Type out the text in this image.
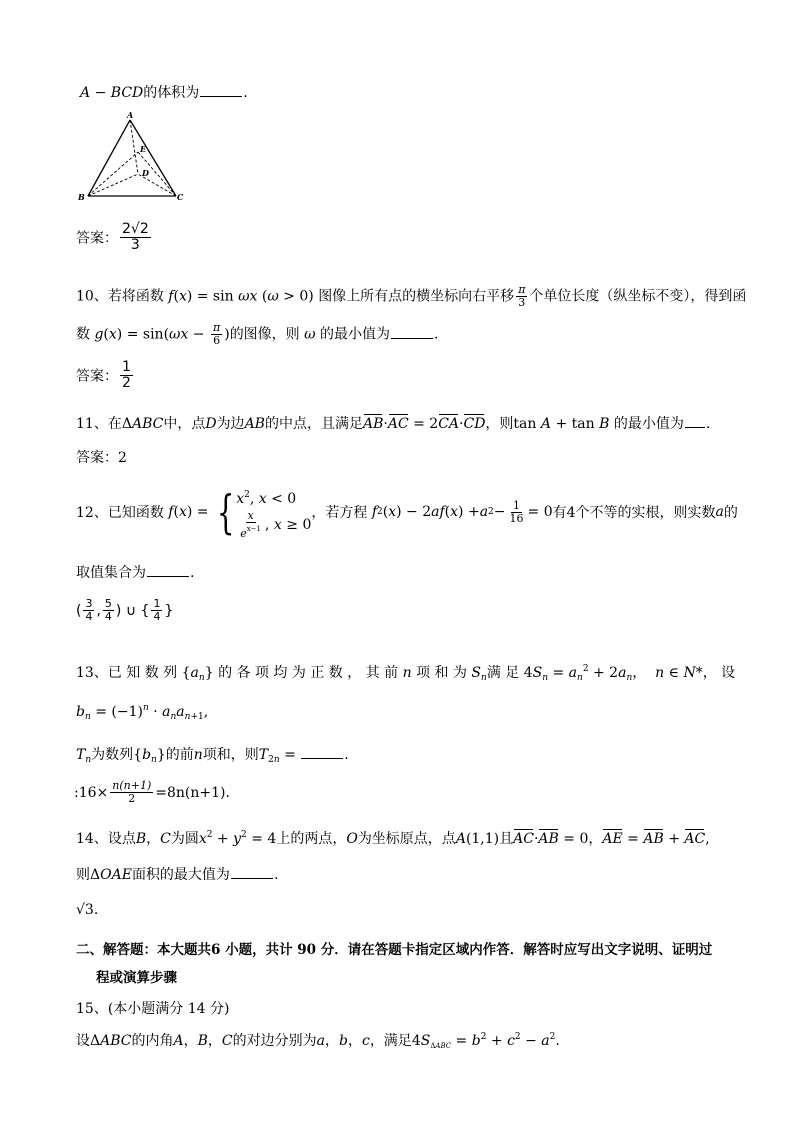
A − BCD的体积为	.
A
B	C
D
E
答案： $\frac{2√2}{3}$
10、若将函数 f(x) = sin ωx (ω > 0) 图像上所有点的横坐标向右平移 $\frac{\pi}{3}$ 个单位长度（纵坐标不变），得到函
数 $g(x) = \sin(\omega x - \frac{\pi}{6}$ )的图像，则 ω 的最小值为	.
答案： $\frac{1}{2}$
11、在ΔABC中，点D为边AB的中点，且满足AB·AC = 2CA·CD，则tan A + tan B 的最小值为 .
答案：2
12、 已知函数
f ( x ) = { $x^2$, x < 0
$\frac{x}{e^{x-1}}$ , x ≥ 0
，若方程
f 2 ( x ) − 2 af ( x ) + a $2 - \frac{1}{16} = 0$ 有4个不等的实根，则实数 a 的
取值集合为	.
( $\frac{3}{4}$ , $\frac{5}{4}$ ) ∪ { $\frac{1}{4}$ }
13、已 知 数 列 $\{a_n\}$ 的 各 项 均 为 正 数 ， 其 前 n 项 和 为 $S_n$满 足 $4S_n = a_n^2 + 2a_n$， n ∈ N*， 设
$b_n = (-1)^n \cdot a_na_{n+1}$,
$T_n$为数列$\{b_n\}$的前n项和，则$T_{2n}$ =	.
:16× $\frac{n(n+1)}{2} =8n(n+1)$.
14、设点B，C为圆$x^2 + y^2 = 4$上的两点，O为坐标原点，点A(1,1)且AC·AB = 0，AE = AB + AC,
则ΔOAE面积的最大值为	.
√3.
二、解答题：本大题共6 小题，共计 90 分．请在答题卡指定区域内作答．解答时应写出文字说明、证明过
程或演算步骤
15、(本小题满分 14 分)
设ΔABC的内角A，B，C的对边分别为a，b，c，满足$4S_{\Delta ABC} = b^2 + c^2 - a^2$.
